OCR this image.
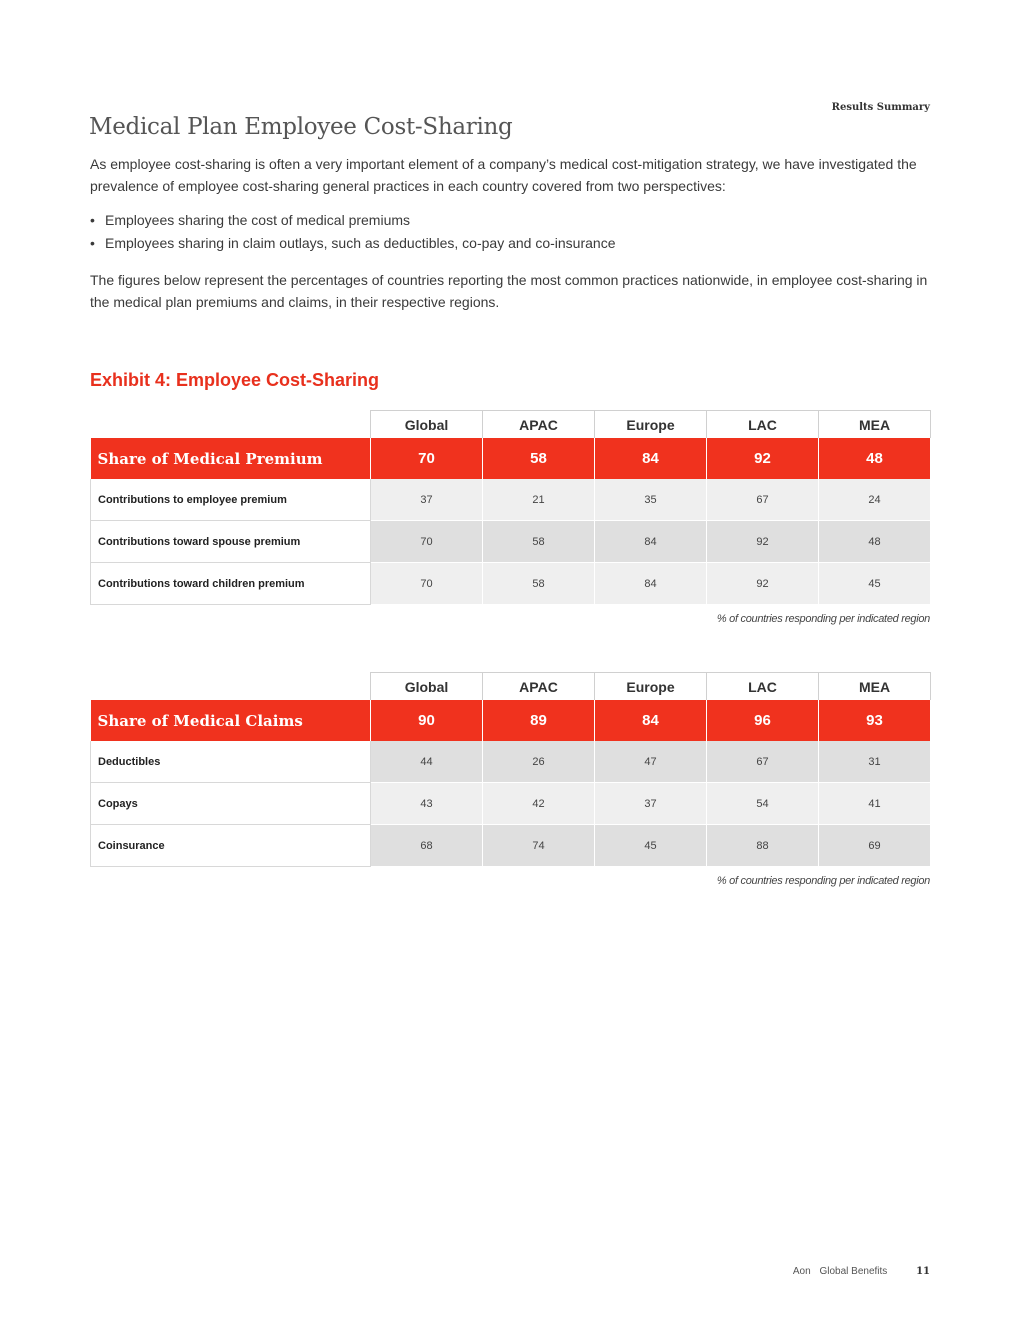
Results Summary
Medical Plan Employee Cost-Sharing

As employee cost-sharing is often a very important element of a company’s medical cost-mitigation strategy, we have investigated the prevalence of employee cost-sharing general practices in each country covered from two perspectives:

• Employees sharing the cost of medical premiums
• Employees sharing in claim outlays, such as deductibles, co-pay and co-insurance

The figures below represent the percentages of countries reporting the most common practices nationwide, in employee cost-sharing in the medical plan premiums and claims, in their respective regions.

Exhibit 4: Employee Cost-Sharing
	Global	APAC	Europe	LAC	MEA
Share of Medical Premium	70	58	84	92	48
Contributions to employee premium	37	21	35	67	24
Contributions toward spouse premium	70	58	84	92	48
Contributions toward children premium	70	58	84	92	45
% of countries responding per indicated region
	Global	APAC	Europe	LAC	MEA
Share of Medical Claims	90	89	84	96	93
Deductibles	44	26	47	67	31
Copays	43	42	37	54	41
Coinsurance	68	74	45	88	69
% of countries responding per indicated region
Aon Global Benefits	11
